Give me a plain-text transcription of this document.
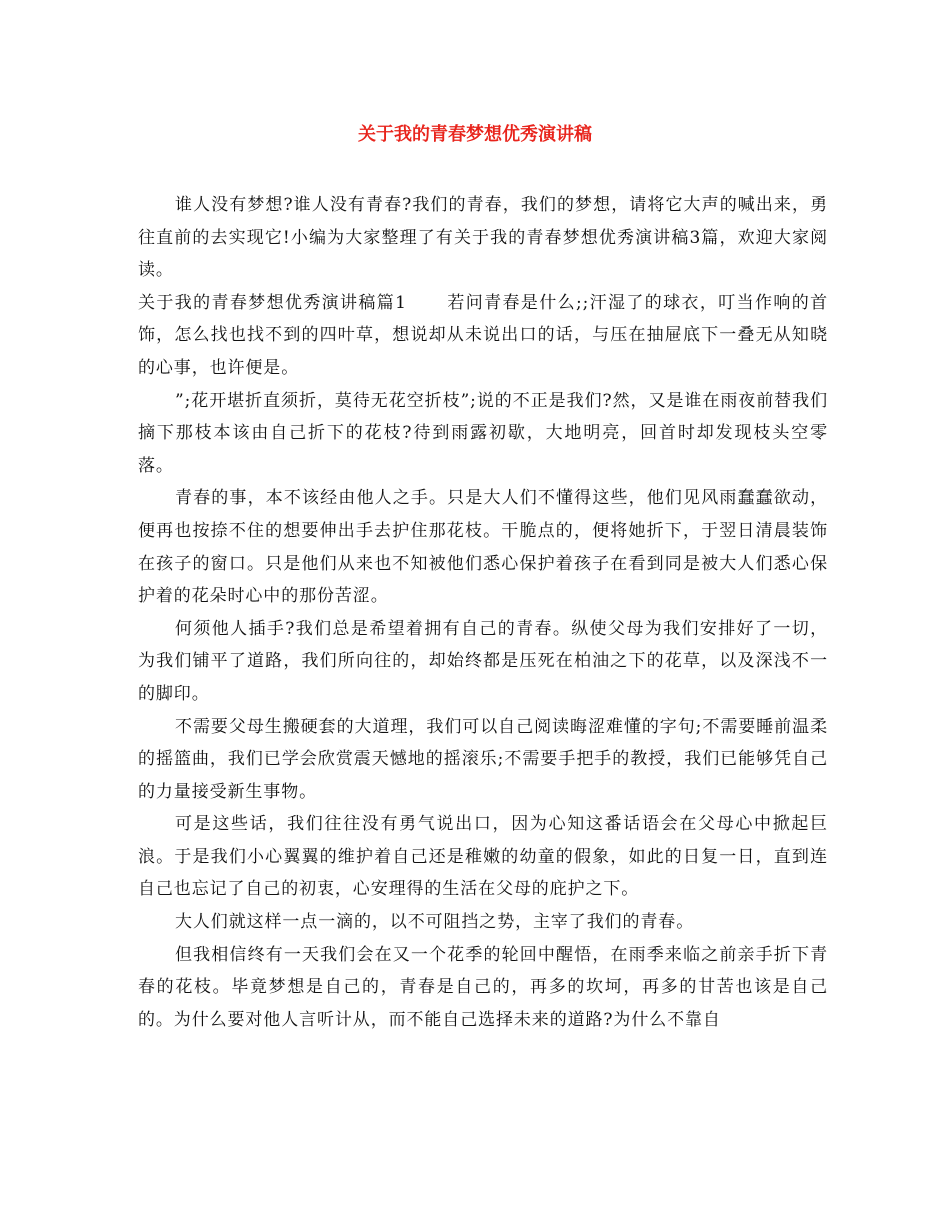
关于我的青春梦想优秀演讲稿

谁人没有梦想?谁人没有青春?我们的青春，我们的梦想，请将它大声的喊出来，勇往直前的去实现它!小编为大家整理了有关于我的青春梦想优秀演讲稿3篇，欢迎大家阅读。

关于我的青春梦想优秀演讲稿篇1 若问青春是什么;;汗湿了的球衣，叮当作响的首饰，怎么找也找不到的四叶草，想说却从未说出口的话，与压在抽屉底下一叠无从知晓的心事，也许便是。

”;花开堪折直须折，莫待无花空折枝”;说的不正是我们?然，又是谁在雨夜前替我们摘下那枝本该由自己折下的花枝?待到雨露初歇，大地明亮，回首时却发现枝头空零落。

青春的事，本不该经由他人之手。只是大人们不懂得这些，他们见风雨蠢蠢欲动，便再也按捺不住的想要伸出手去护住那花枝。干脆点的，便将她折下，于翌日清晨装饰在孩子的窗口。只是他们从来也不知被他们悉心保护着孩子在看到同是被大人们悉心保护着的花朵时心中的那份苦涩。

何须他人插手?我们总是希望着拥有自己的青春。纵使父母为我们安排好了一切，为我们铺平了道路，我们所向往的，却始终都是压死在柏油之下的花草，以及深浅不一的脚印。

不需要父母生搬硬套的大道理，我们可以自己阅读晦涩难懂的字句;不需要睡前温柔的摇篮曲，我们已学会欣赏震天憾地的摇滚乐;不需要手把手的教授，我们已能够凭自己的力量接受新生事物。

可是这些话，我们往往没有勇气说出口，因为心知这番话语会在父母心中掀起巨浪。于是我们小心翼翼的维护着自己还是稚嫩的幼童的假象，如此的日复一日，直到连自己也忘记了自己的初衷，心安理得的生活在父母的庇护之下。

大人们就这样一点一滴的，以不可阻挡之势，主宰了我们的青春。

但我相信终有一天我们会在又一个花季的轮回中醒悟，在雨季来临之前亲手折下青春的花枝。毕竟梦想是自己的，青春是自己的，再多的坎坷，再多的甘苦也该是自己的。为什么要对他人言听计从，而不能自己选择未来的道路?为什么不靠自
